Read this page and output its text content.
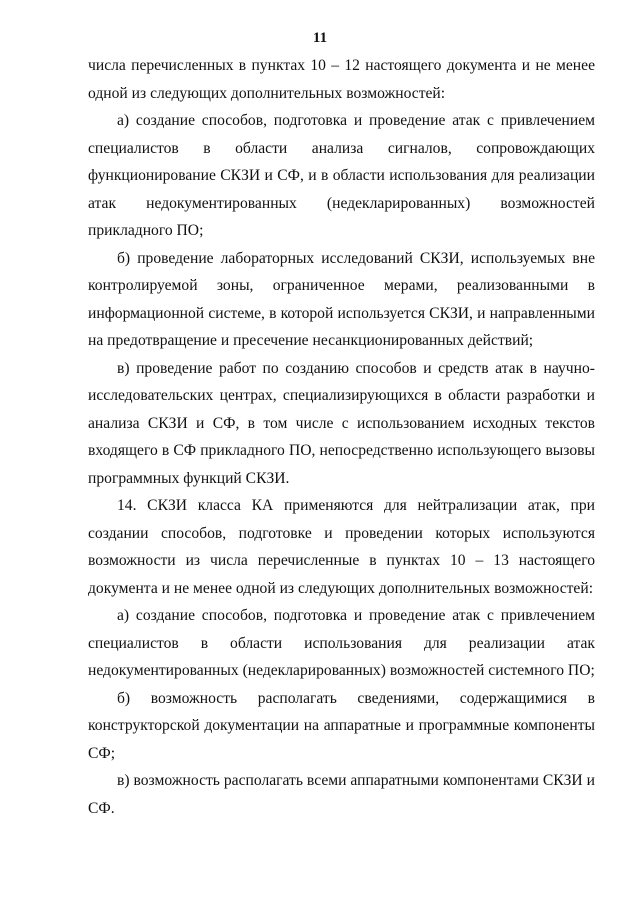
11

числа перечисленных в пунктах 10 – 12 настоящего документа и не менее одной из следующих дополнительных возможностей:

а) создание способов, подготовка и проведение атак с привлечением специалистов в области анализа сигналов, сопровождающих функционирование СКЗИ и СФ, и в области использования для реализации атак недокументированных (недекларированных) возможностей прикладного ПО;

б) проведение лабораторных исследований СКЗИ, используемых вне контролируемой зоны, ограниченное мерами, реализованными в информационной системе, в которой используется СКЗИ, и направленными на предотвращение и пресечение несанкционированных действий;

в) проведение работ по созданию способов и средств атак в научно-исследовательских центрах, специализирующихся в области разработки и анализа СКЗИ и СФ, в том числе с использованием исходных текстов входящего в СФ прикладного ПО, непосредственно использующего вызовы программных функций СКЗИ.

14. СКЗИ класса КА применяются для нейтрализации атак, при создании способов, подготовке и проведении которых используются возможности из числа перечисленные в пунктах 10 – 13 настоящего документа и не менее одной из следующих дополнительных возможностей:

а) создание способов, подготовка и проведение атак с привлечением специалистов в области использования для реализации атак недокументированных (недекларированных) возможностей системного ПО;

б) возможность располагать сведениями, содержащимися в конструкторской документации на аппаратные и программные компоненты СФ;

в) возможность располагать всеми аппаратными компонентами СКЗИ и СФ.
